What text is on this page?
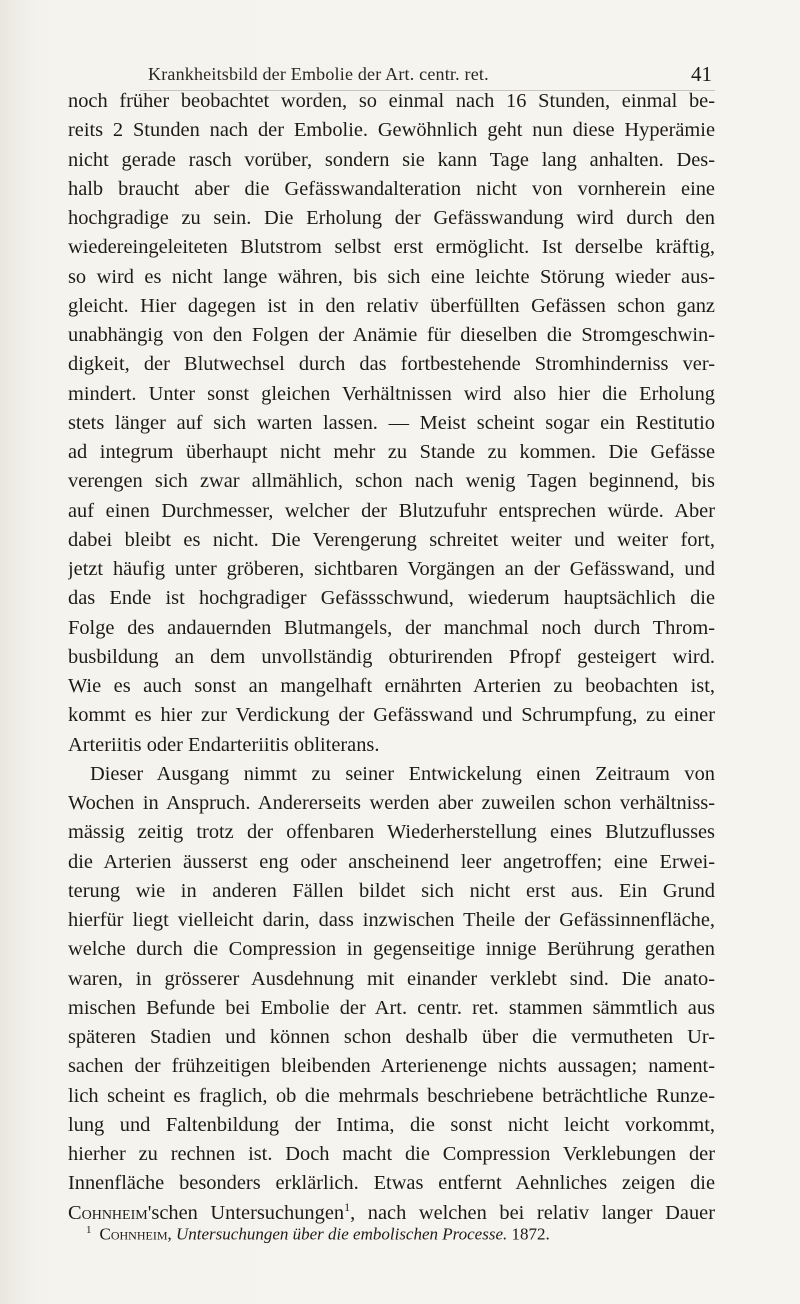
Krankheitsbild der Embolie der Art. centr. ret.	41
noch früher beobachtet worden, so einmal nach 16 Stunden, einmal be-
reits 2 Stunden nach der Embolie. Gewöhnlich geht nun diese Hyperämie
nicht gerade rasch vorüber, sondern sie kann Tage lang anhalten. Des-
halb braucht aber die Gefässwandalteration nicht von vornherein eine
hochgradige zu sein. Die Erholung der Gefässwandung wird durch den
wiedereingeleiteten Blutstrom selbst erst ermöglicht. Ist derselbe kräftig,
so wird es nicht lange währen, bis sich eine leichte Störung wieder aus-
gleicht. Hier dagegen ist in den relativ überfüllten Gefässen schon ganz
unabhängig von den Folgen der Anämie für dieselben die Stromgeschwin-
digkeit, der Blutwechsel durch das fortbestehende Stromhinderniss ver-
mindert. Unter sonst gleichen Verhältnissen wird also hier die Erholung
stets länger auf sich warten lassen. — Meist scheint sogar ein Restitutio
ad integrum überhaupt nicht mehr zu Stande zu kommen. Die Gefässe
verengen sich zwar allmählich, schon nach wenig Tagen beginnend, bis
auf einen Durchmesser, welcher der Blutzufuhr entsprechen würde. Aber
dabei bleibt es nicht. Die Verengerung schreitet weiter und weiter fort,
jetzt häufig unter gröberen, sichtbaren Vorgängen an der Gefässwand, und
das Ende ist hochgradiger Gefässschwund, wiederum hauptsächlich die
Folge des andauernden Blutmangels, der manchmal noch durch Throm-
busbildung an dem unvollständig obturirenden Pfropf gesteigert wird.
Wie es auch sonst an mangelhaft ernährten Arterien zu beobachten ist,
kommt es hier zur Verdickung der Gefässwand und Schrumpfung, zu einer
Arteriitis oder Endarteriitis obliterans.
Dieser Ausgang nimmt zu seiner Entwickelung einen Zeitraum von
Wochen in Anspruch. Andererseits werden aber zuweilen schon verhältniss-
mässig zeitig trotz der offenbaren Wiederherstellung eines Blutzuflusses
die Arterien äusserst eng oder anscheinend leer angetroffen; eine Erwei-
terung wie in anderen Fällen bildet sich nicht erst aus. Ein Grund
hierfür liegt vielleicht darin, dass inzwischen Theile der Gefässinnenfläche,
welche durch die Compression in gegenseitige innige Berührung gerathen
waren, in grösserer Ausdehnung mit einander verklebt sind. Die anato-
mischen Befunde bei Embolie der Art. centr. ret. stammen sämmtlich aus
späteren Stadien und können schon deshalb über die vermutheten Ur-
sachen der frühzeitigen bleibenden Arterienenge nichts aussagen; nament-
lich scheint es fraglich, ob die mehrmals beschriebene beträchtliche Runze-
lung und Faltenbildung der Intima, die sonst nicht leicht vorkommt,
hierher zu rechnen ist. Doch macht die Compression Verklebungen der
Innenfläche besonders erklärlich. Etwas entfernt Aehnliches zeigen die
Cohnheim'schen Untersuchungen$^1$, nach welchen bei relativ langer Dauer
$^1$ Cohnheim, Untersuchungen über die embolischen Processe. 1872.
